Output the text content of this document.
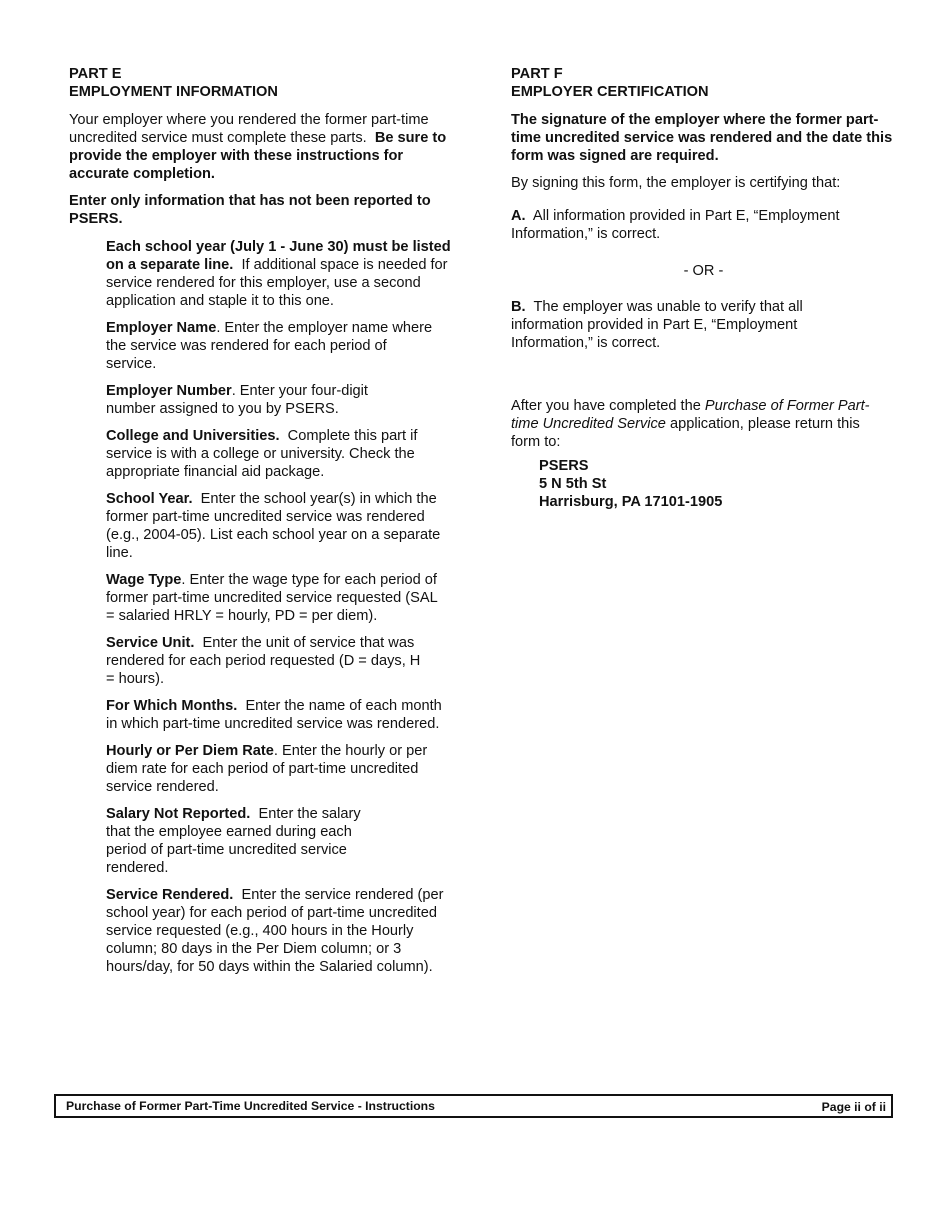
PART E
EMPLOYMENT INFORMATION

Your employer where you rendered the former part-time uncredited service must complete these parts. Be sure to provide the employer with these instructions for accurate completion.

Enter only information that has not been reported to PSERS.

Each school year (July 1 - June 30) must be listed on a separate line. If additional space is needed for service rendered for this employer, use a second application and staple it to this one.

Employer Name. Enter the employer name where the service was rendered for each period of service.

Employer Number. Enter your four-digit number assigned to you by PSERS.

College and Universities. Complete this part if service is with a college or university. Check the appropriate financial aid package.

School Year. Enter the school year(s) in which the former part-time uncredited service was rendered (e.g., 2004-05). List each school year on a separate line.

Wage Type. Enter the wage type for each period of former part-time uncredited service requested (SAL = salaried HRLY = hourly, PD = per diem).

Service Unit. Enter the unit of service that was rendered for each period requested (D = days, H = hours).

For Which Months. Enter the name of each month in which part-time uncredited service was rendered.

Hourly or Per Diem Rate. Enter the hourly or per diem rate for each period of part-time uncredited service rendered.

Salary Not Reported. Enter the salary that the employee earned during each period of part-time uncredited service rendered.

Service Rendered. Enter the service rendered (per school year) for each period of part-time uncredited service requested (e.g., 400 hours in the Hourly column; 80 days in the Per Diem column; or 3 hours/day, for 50 days within the Salaried column).

PART F
EMPLOYER CERTIFICATION

The signature of the employer where the former part- time uncredited service was rendered and the date this form was signed are required.

By signing this form, the employer is certifying that:

A. All information provided in Part E, “Employment Information,” is correct.

- OR -

B. The employer was unable to verify that all information provided in Part E, “Employment Information,” is correct.

After you have completed the Purchase of Former Part-time Uncredited Service application, please return this form to:

PSERS
5 N 5th St
Harrisburg, PA 17101-1905
Purchase of Former Part-Time Uncredited Service - Instructions	Page ii of ii
